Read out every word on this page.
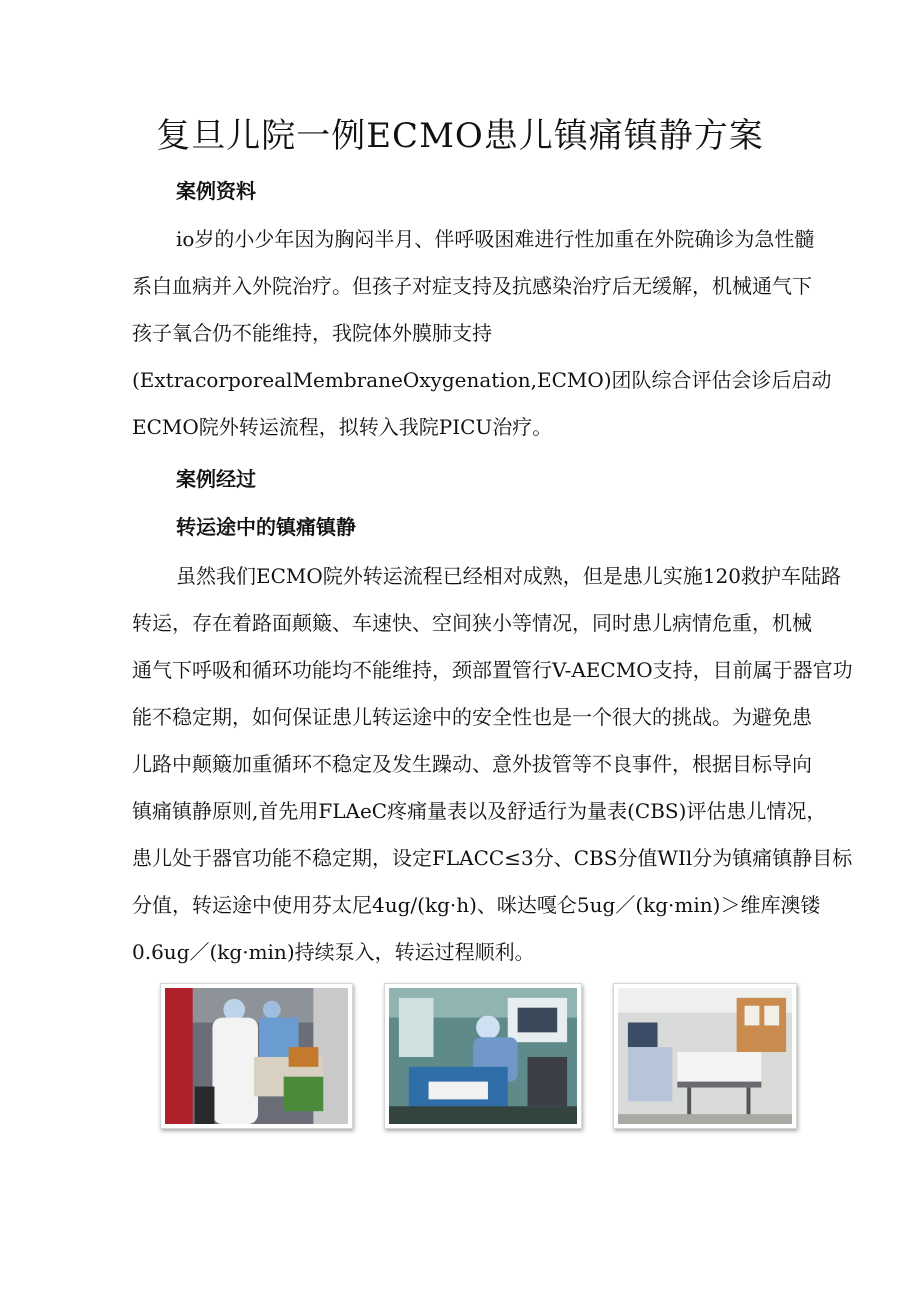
复旦儿院一例ECMO患儿镇痛镇静方案
案例资料
io岁的小少年因为胸闷半月、伴呼吸困难进行性加重在外院确诊为急性髓
系白血病并入外院治疗。但孩子对症支持及抗感染治疗后无缓解，机械通气下
孩子氧合仍不能维持，我院体外膜肺支持
(ExtracorporealMembraneOxygenation,ECMO)团队综合评估会诊后启动
ECMO院外转运流程，拟转入我院PICU治疗。
案例经过
转运途中的镇痛镇静
虽然我们ECMO院外转运流程已经相对成熟，但是患儿实施120救护车陆路
转运，存在着路面颠簸、车速快、空间狭小等情况，同时患儿病情危重，机械
通气下呼吸和循环功能均不能维持，颈部置管行V-AECMO支持，目前属于器官功
能不稳定期，如何保证患儿转运途中的安全性也是一个很大的挑战。为避免患
儿路中颠簸加重循环不稳定及发生躁动、意外拔管等不良事件，根据目标导向
镇痛镇静原则,首先用FLAeC疼痛量表以及舒适行为量表(CBS)评估患儿情况，
患儿处于器官功能不稳定期，设定FLACC≤3分、CBS分值WIl分为镇痛镇静目标
分值，转运途中使用芬太尼4ug/(kg·h)、咪达嘎仑5ug／(kg·min)＞维库澳镂
0.6ug／(kg·min)持续泵入，转运过程顺利。
